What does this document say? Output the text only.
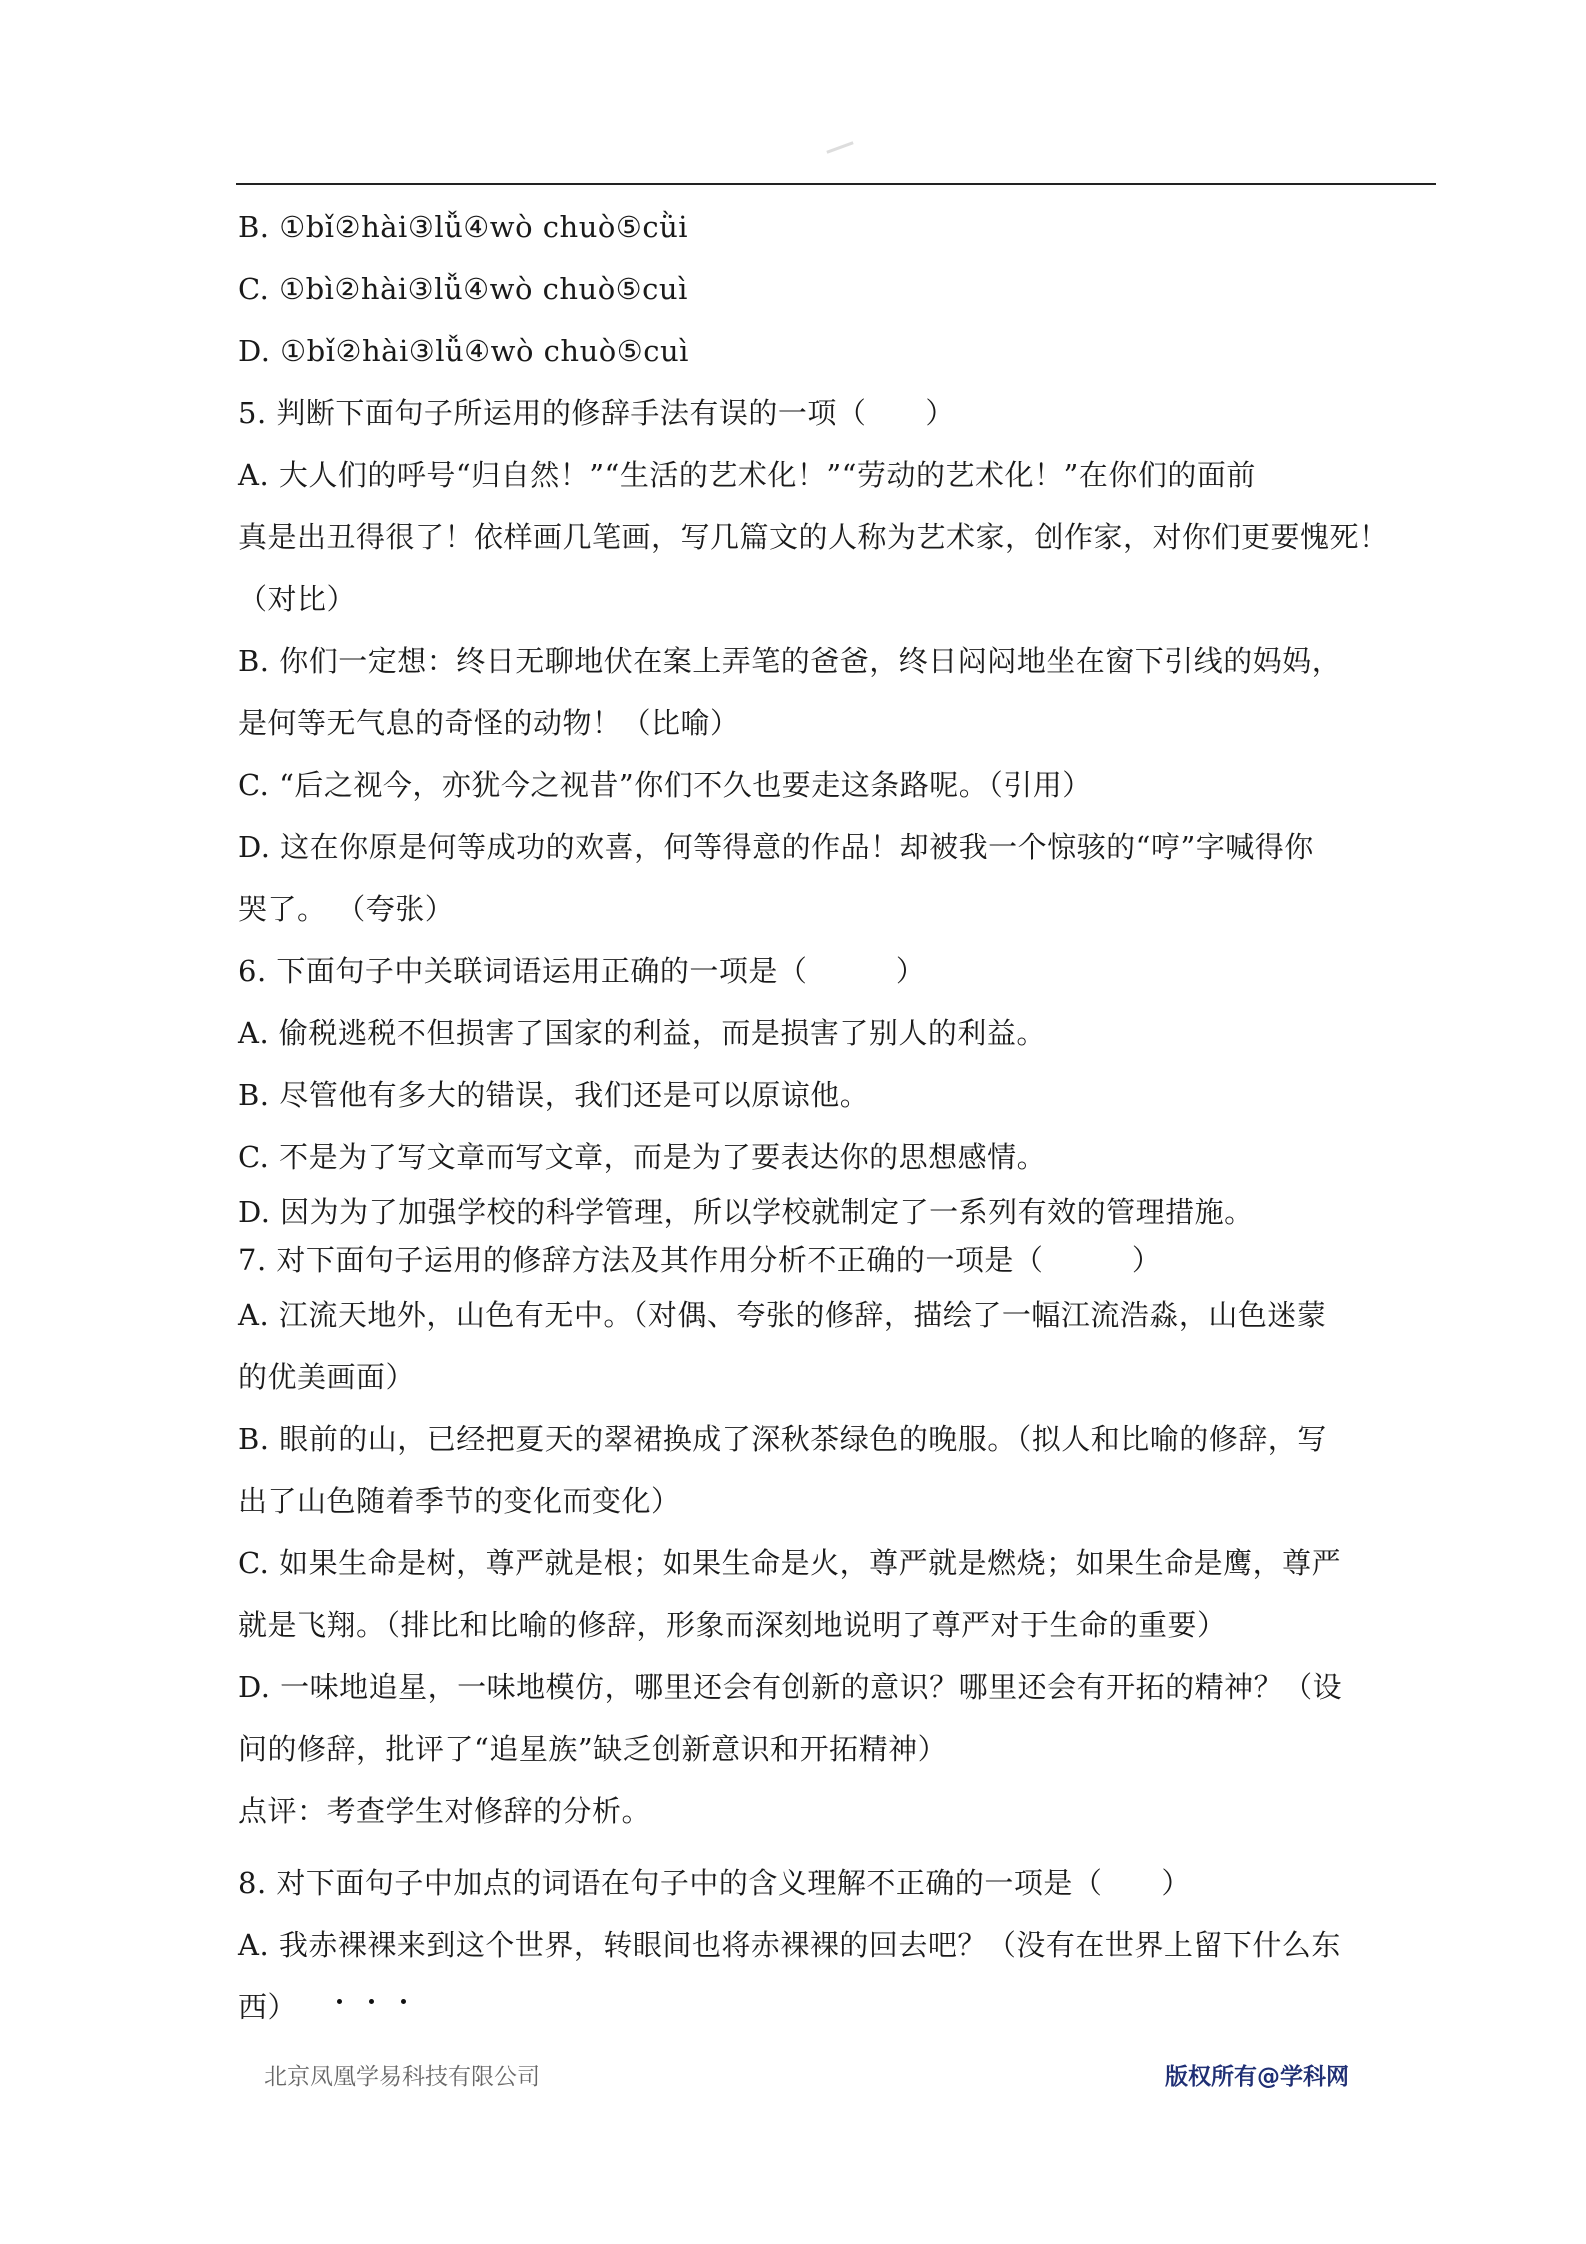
B. ①bǐ②hài③lǚ④wò chuò⑤cǜi
C. ①bì②hài③lǚ④wò chuò⑤cuì
D. ①bǐ②hài③lǚ④wò chuò⑤cuì
5. 判断下面句子所运用的修辞手法有误的一项（　　）
A. 大人们的呼号“归自然！”“生活的艺术化！”“劳动的艺术化！”在你们的面前
真是出丑得很了！依样画几笔画，写几篇文的人称为艺术家，创作家，对你们更要愧死！
（对比）
B. 你们一定想：终日无聊地伏在案上弄笔的爸爸，终日闷闷地坐在窗下引线的妈妈，
是何等无气息的奇怪的动物！（比喻）
C. “后之视今，亦犹今之视昔”你们不久也要走这条路呢。（引用）
D. 这在你原是何等成功的欢喜，何等得意的作品！却被我一个惊骇的“哼”字喊得你
哭了。 （夸张）
6. 下面句子中关联词语运用正确的一项是（　　　）
A. 偷税逃税不但损害了国家的利益，而是损害了别人的利益。
B. 尽管他有多大的错误，我们还是可以原谅他。
C. 不是为了写文章而写文章，而是为了要表达你的思想感情。
D. 因为为了加强学校的科学管理，所以学校就制定了一系列有效的管理措施。
7. 对下面句子运用的修辞方法及其作用分析不正确的一项是（　　　）
A. 江流天地外，山色有无中。（对偶、夸张的修辞，描绘了一幅江流浩淼，山色迷蒙
的优美画面）
B. 眼前的山，已经把夏天的翠裙换成了深秋茶绿色的晚服。（拟人和比喻的修辞，写
出了山色随着季节的变化而变化）
C. 如果生命是树，尊严就是根；如果生命是火，尊严就是燃烧；如果生命是鹰，尊严
就是飞翔。（排比和比喻的修辞，形象而深刻地说明了尊严对于生命的重要）
D. 一味地追星，一味地模仿，哪里还会有创新的意识？哪里还会有开拓的精神？（设
问的修辞，批评了“追星族”缺乏创新意识和开拓精神）
点评：考查学生对修辞的分析。
8. 对下面句子中加点的词语在句子中的含义理解不正确的一项是（　　）
A. 我赤裸裸来到这个世界，转眼间也将赤裸裸的回去吧？（没有在世界上留下什么东
西）
北京凤凰学易科技有限公司	版权所有@学科网
